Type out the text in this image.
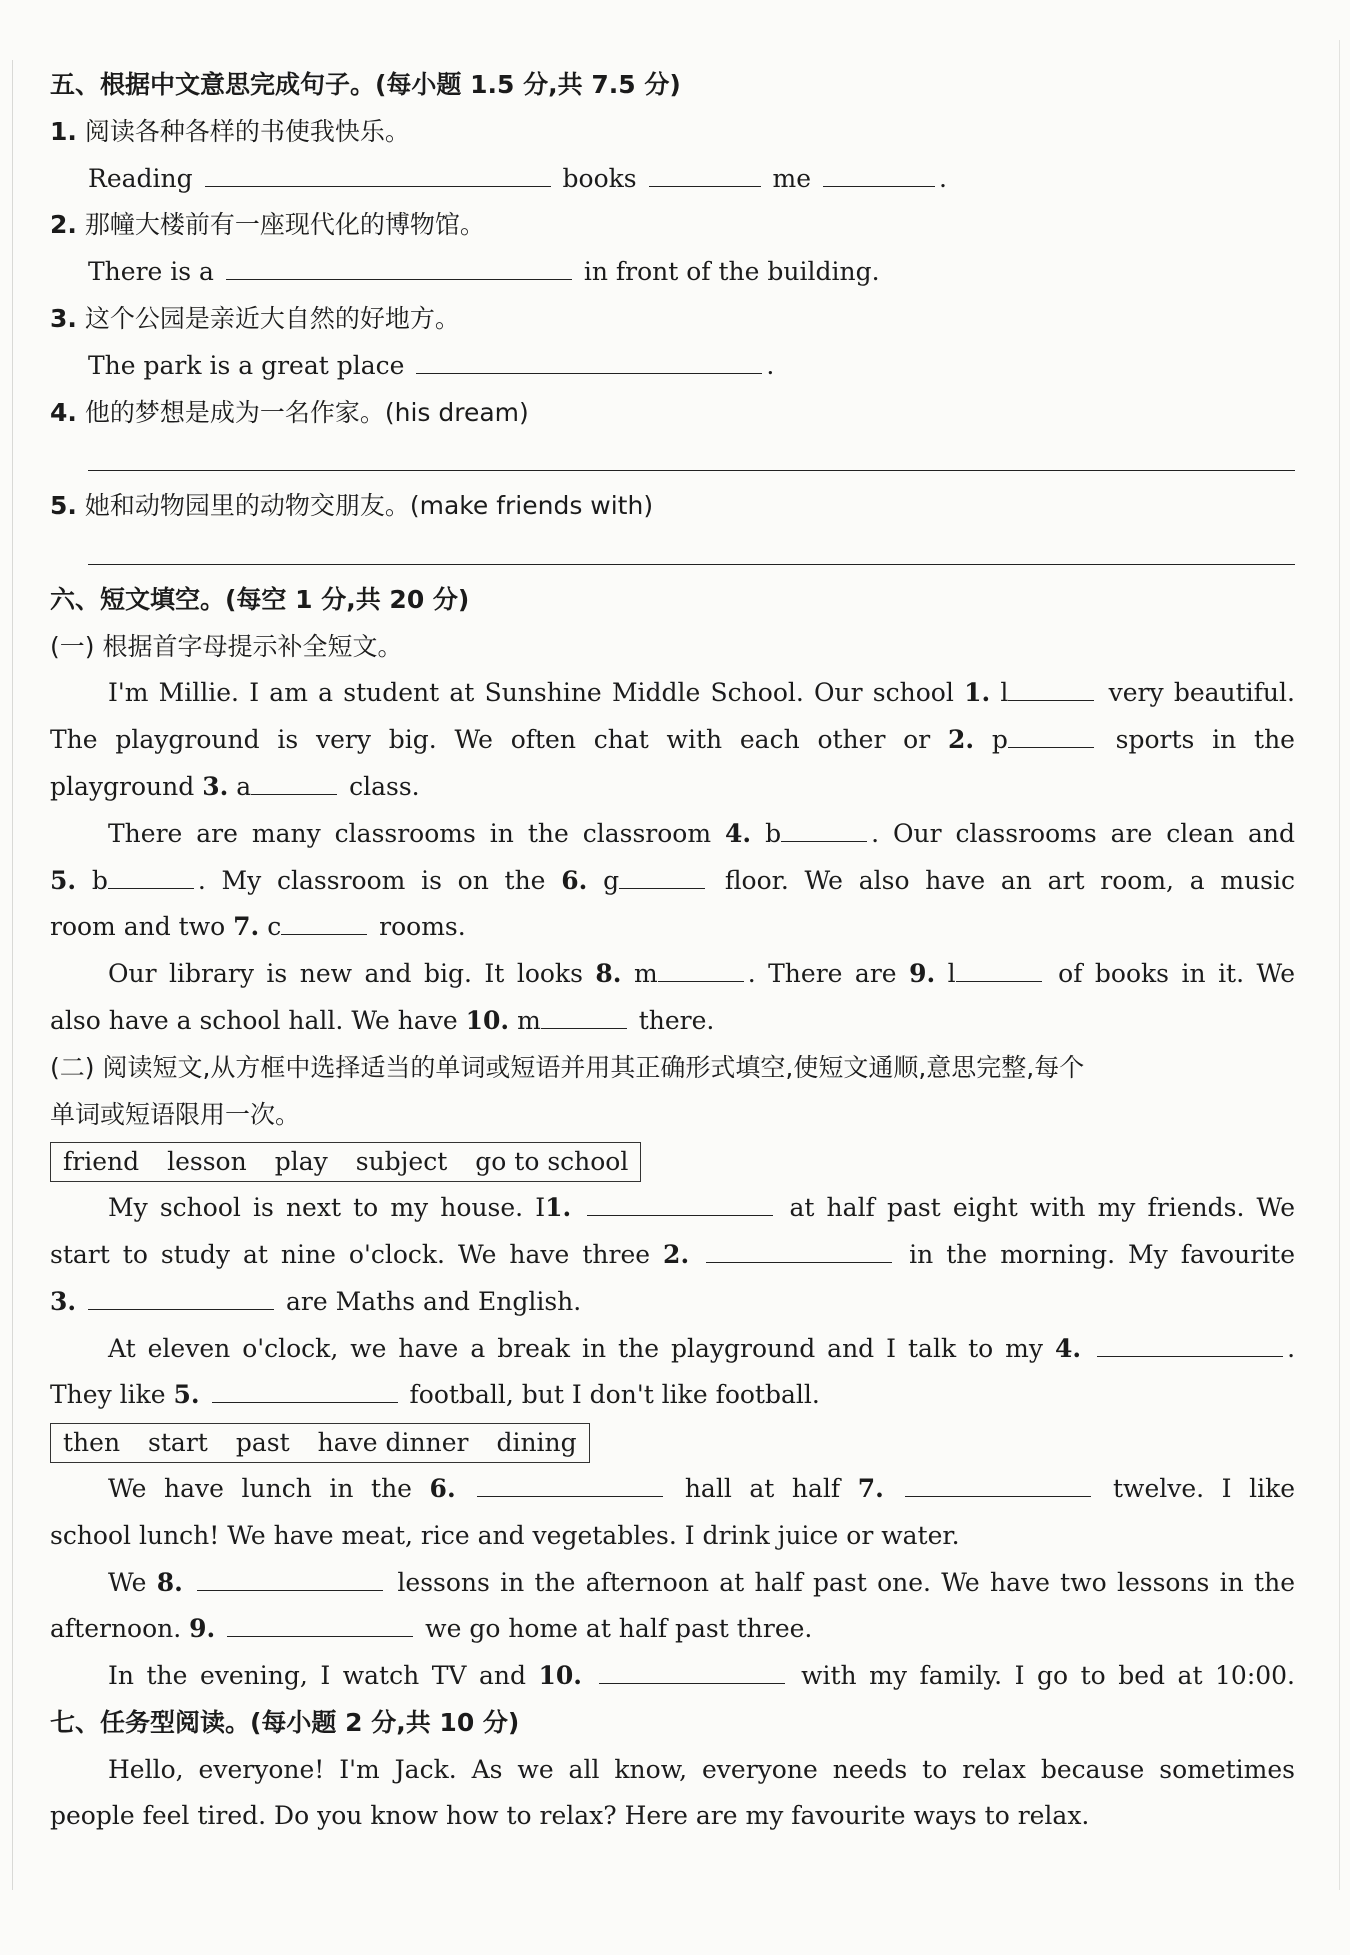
五、根据中文意思完成句子。(每小题 1.5 分,共 7.5 分)
1. 阅读各种各样的书使我快乐。
Reading	books	me	.
2. 那幢大楼前有一座现代化的博物馆。
There is a	in front of the building.
3. 这个公园是亲近大自然的好地方。
The park is a great place	.
4. 他的梦想是成为一名作家。(his dream)
5. 她和动物园里的动物交朋友。(make friends with)
六、短文填空。(每空 1 分,共 20 分)
(一) 根据首字母提示补全短文。
I'm Millie. I am a student at Sunshine Middle School. Our school 1. l	very beautiful.
The playground is very big. We often chat with each other or 2. p	sports in the
playground 3. a	class.
There are many classrooms in the classroom 4. b	. Our classrooms are clean and
5. b	. My classroom is on the 6. g	floor. We also have an art room, a music
room and two 7. c	rooms.
Our library is new and big. It looks 8. m	. There are 9. l	of books in it. We
also have a school hall. We have 10. m	there.
(二) 阅读短文,从方框中选择适当的单词或短语并用其正确形式填空,使短文通顺,意思完整,每个
单词或短语限用一次。
friend lesson play subject go to school
My school is next to my house. I1.	at half past eight with my friends. We
start to study at nine o'clock. We have three 2.	in the morning. My favourite
3.	are Maths and English.
At eleven o'clock, we have a break in the playground and I talk to my 4.	.
They like 5.	football, but I don't like football.
then start past have dinner dining
We have lunch in the 6.	hall at half 7.	twelve. I like
school lunch! We have meat, rice and vegetables. I drink juice or water.
We 8.	lessons in the afternoon at half past one. We have two lessons in the
afternoon. 9.	we go home at half past three.
In the evening, I watch TV and 10.	with my family. I go to bed at 10:00.
七、任务型阅读。(每小题 2 分,共 10 分)
Hello, everyone! I'm Jack. As we all know, everyone needs to relax because sometimes
people feel tired. Do you know how to relax? Here are my favourite ways to relax.
